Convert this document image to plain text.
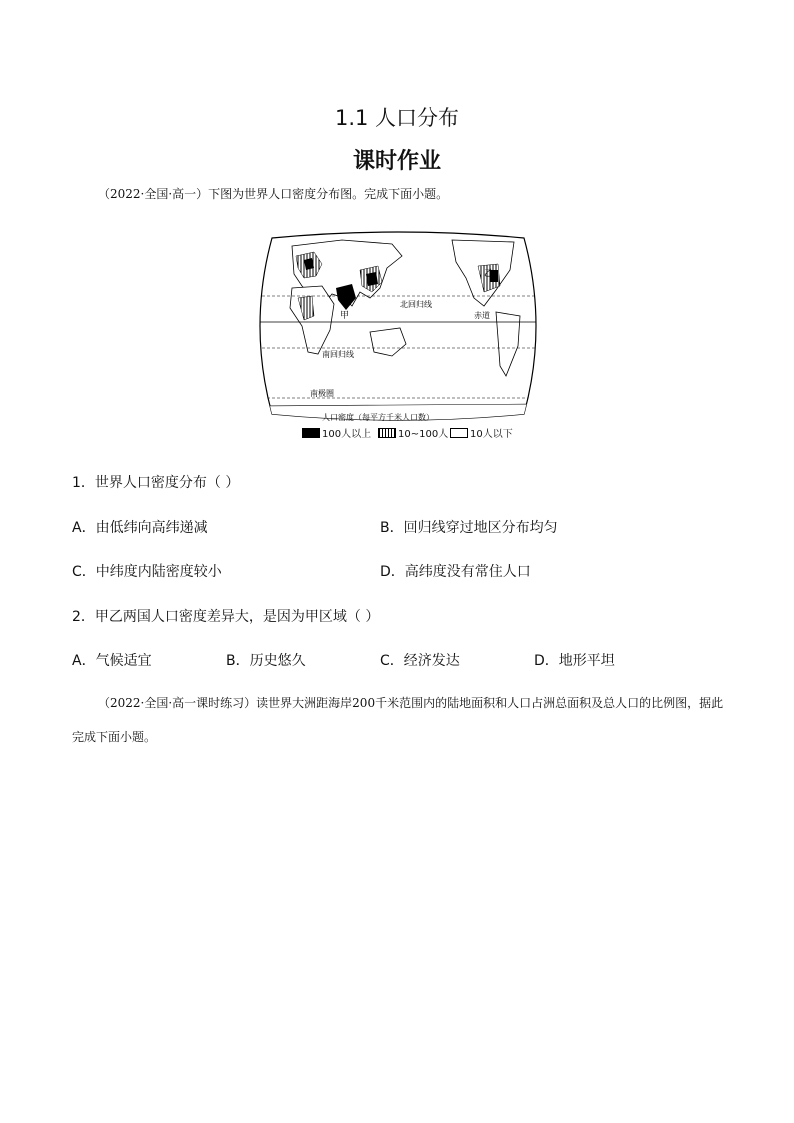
1.1 人口分布
课时作业
（2022·全国·高一）下图为世界人口密度分布图。完成下面小题。
北回归线
赤道
南回归线
南极圈
甲
乙
人口密度（每平方千米人口数）
100人以上	10~100人 10人以下
1．世界人口密度分布（ ）
A．由低纬向高纬递减	B．回归线穿过地区分布均匀
C．中纬度内陆密度较小	D．高纬度没有常住人口
2．甲乙两国人口密度差异大，是因为甲区域（ ）
A．气候适宜	B．历史悠久	C．经济发达	D．地形平坦
（2022·全国·高一课时练习）读世界大洲距海岸200千米范围内的陆地面积和人口占洲总面积及总人口的比例图，据此完成下面小题。
